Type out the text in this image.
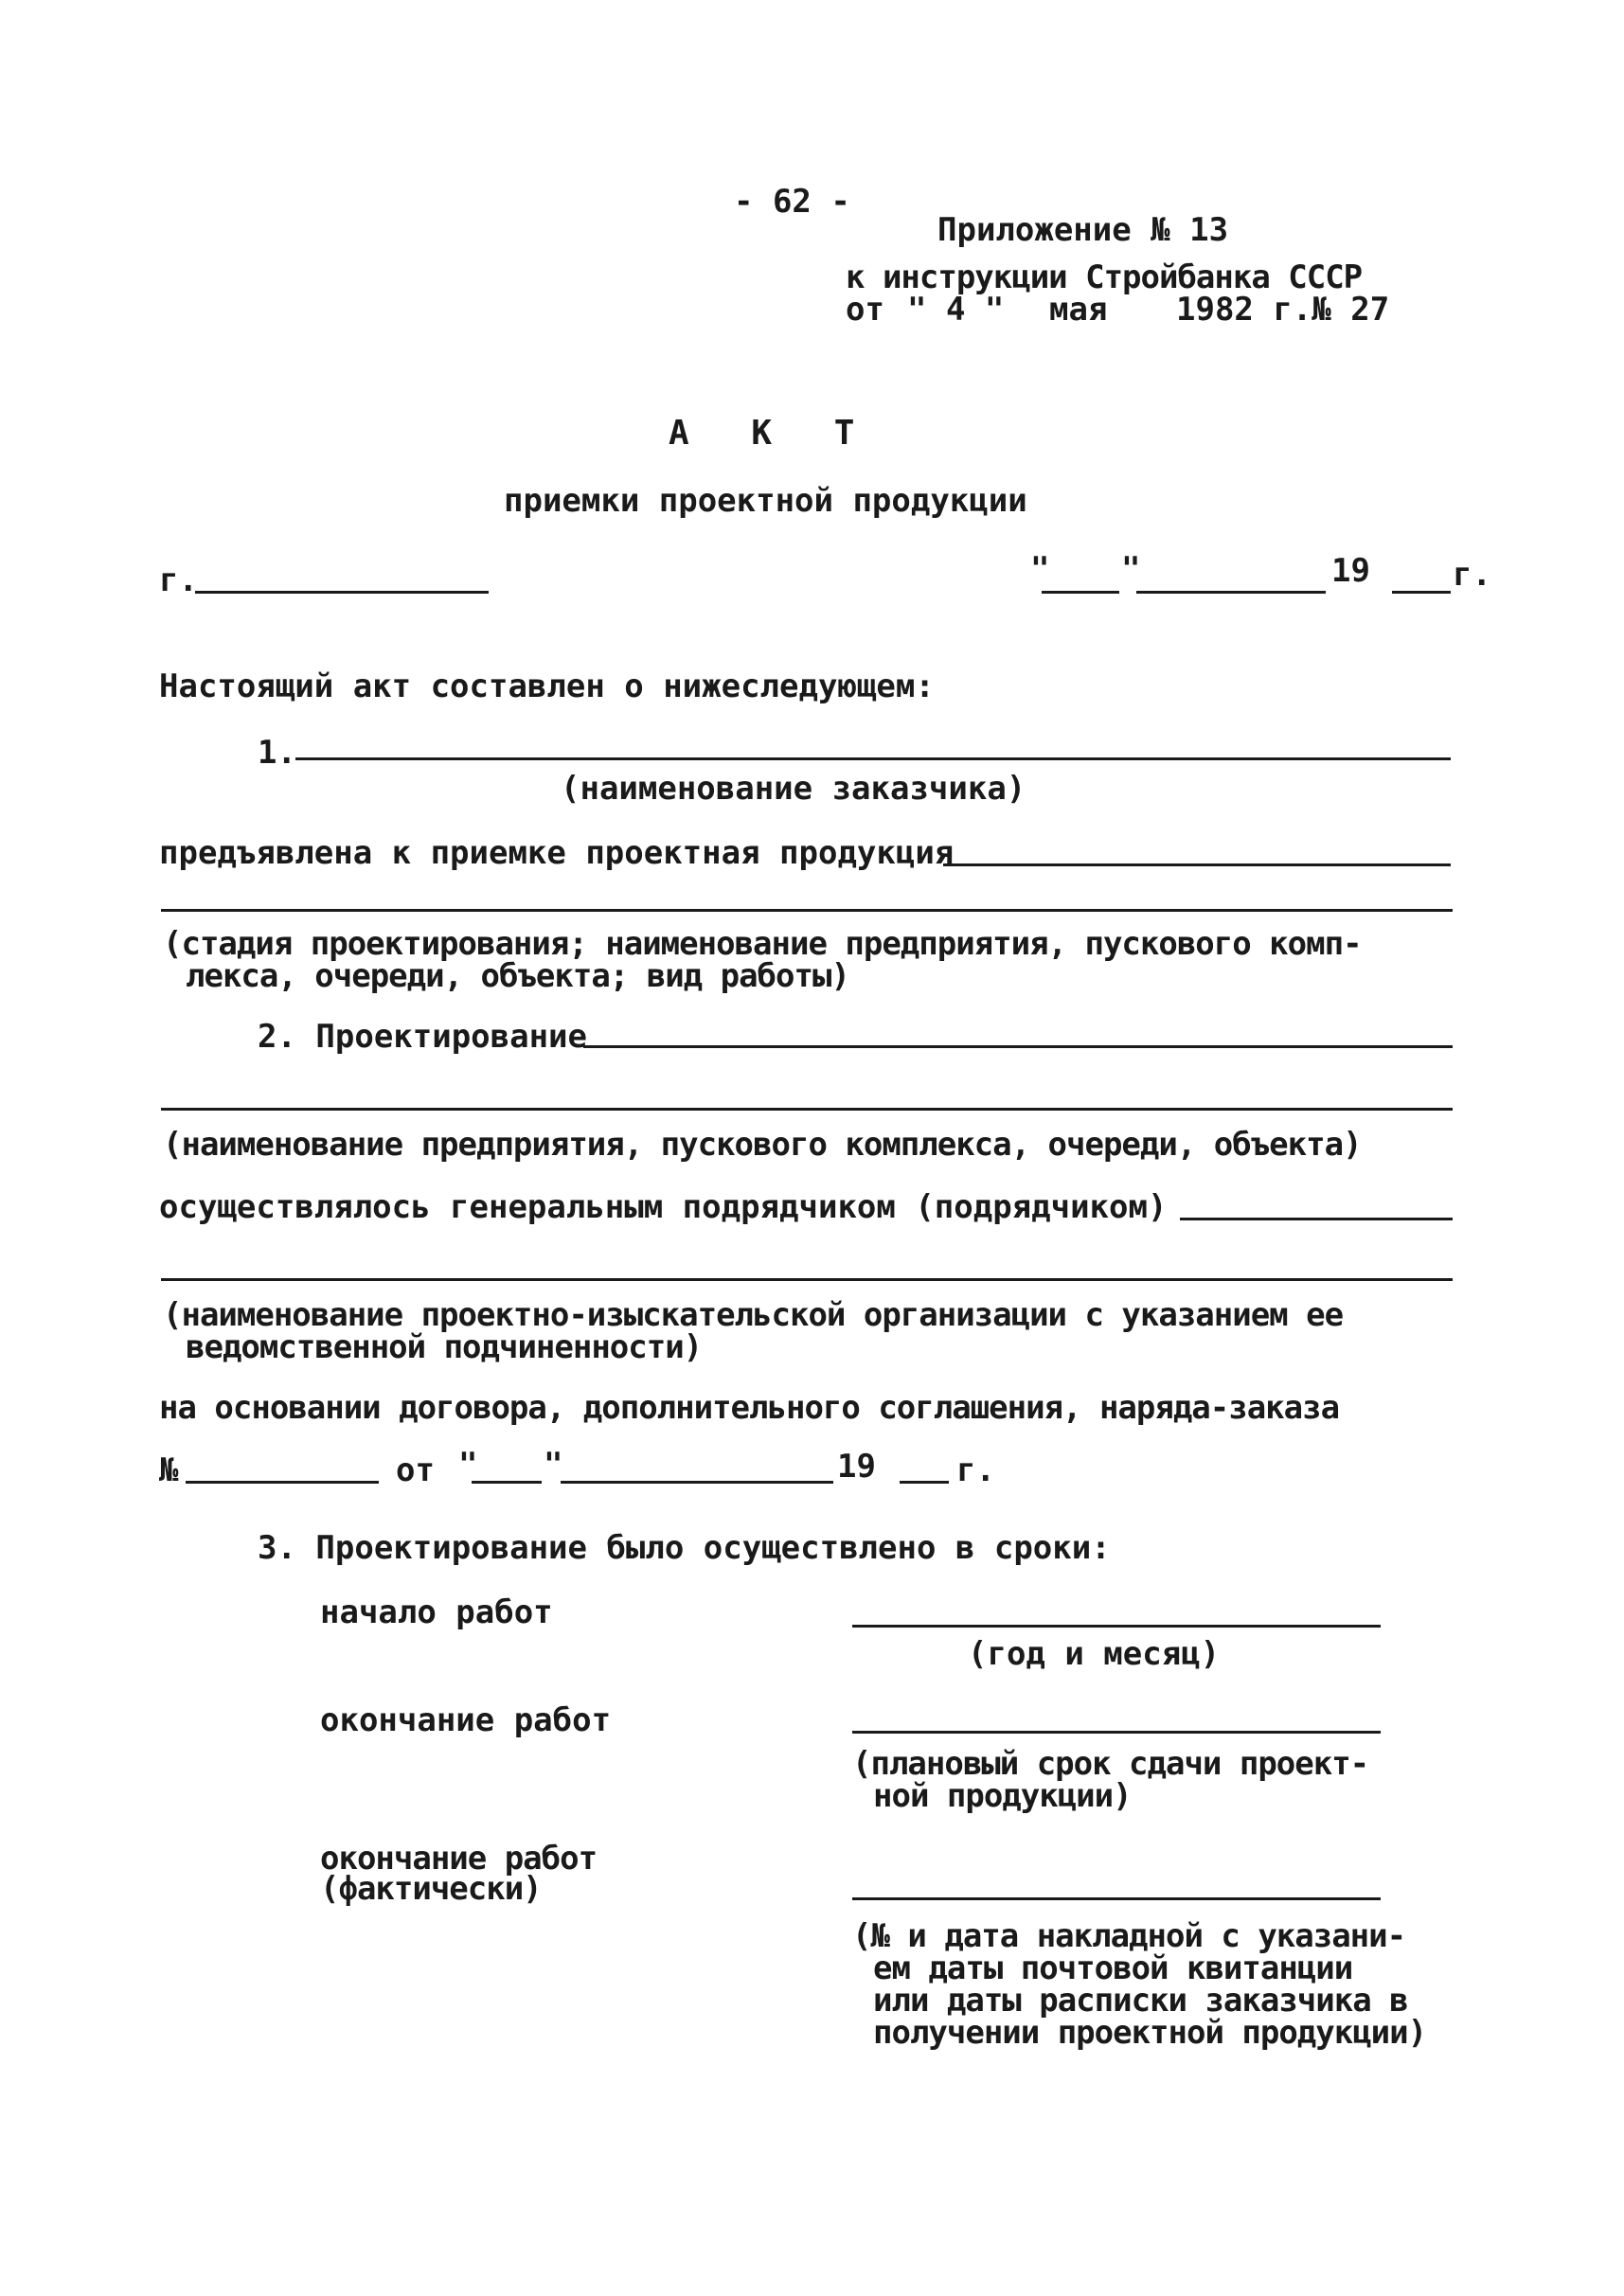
- 62 -
Приложение № 13
к инструкции Стройбанка СССР
от " 4 " мая 1982 г.№ 27
А К Т
приемки проектной продукции
г.	" "	19	г.
Настоящий акт составлен о нижеследующем:
1.
(наименование заказчика)
предъявлена к приемке проектная продукция
(стадия проектирования; наименование предприятия, пускового комп-
лекса, очереди, объекта; вид работы)
2. Проектирование
(наименование предприятия, пускового комплекса, очереди, объекта)
осуществлялось генеральным подрядчиком (подрядчиком)
(наименование проектно-изыскательской организации с указанием ее
ведомственной подчиненности)
на основании договора, дополнительного соглашения, наряда-заказа
№	от " "	19	г.
3. Проектирование было осуществлено в сроки:
начало работ
(год и месяц)
окончание работ
(плановый срок сдачи проект-
ной продукции)
окончание работ
(фактически)
(№ и дата накладной с указани-
ем даты почтовой квитанции
или даты расписки заказчика в
получении проектной продукции)
